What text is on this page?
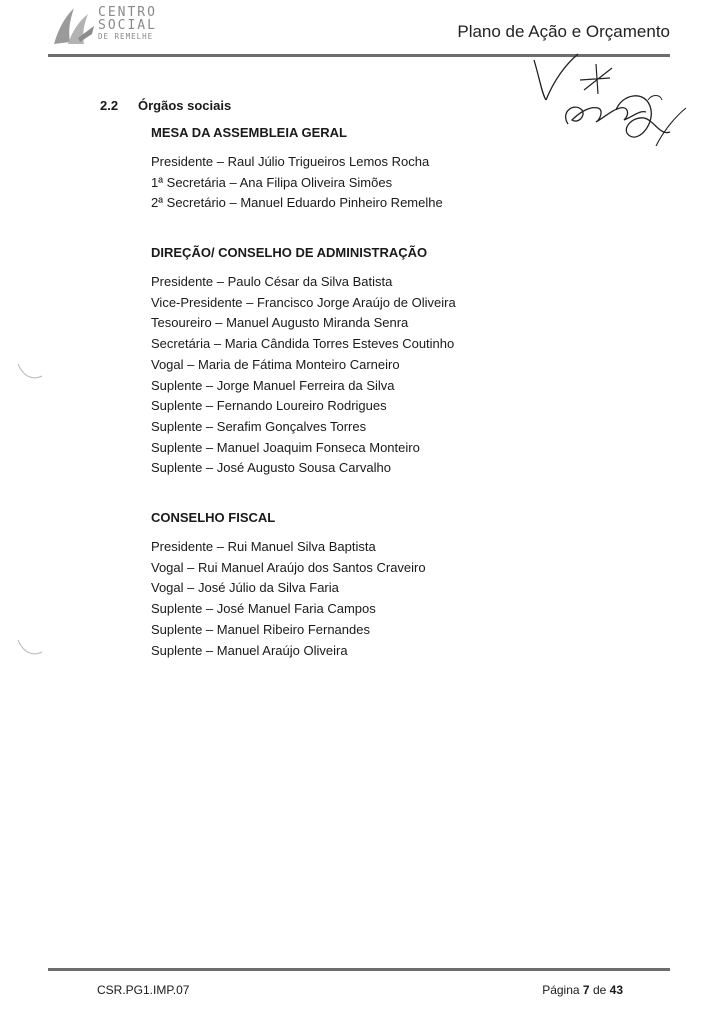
CENTRO
SOCIAL
DE REMELHE	Plano de Ação e Orçamento
2.2 Órgãos sociais
MESA DA ASSEMBLEIA GERAL
Presidente – Raul Júlio Trigueiros Lemos Rocha
1ª Secretária – Ana Filipa Oliveira Simões
2ª Secretário – Manuel Eduardo Pinheiro Remelhe
DIREÇÃO/ CONSELHO DE ADMINISTRAÇÃO
Presidente – Paulo César da Silva Batista
Vice-Presidente – Francisco Jorge Araújo de Oliveira
Tesoureiro – Manuel Augusto Miranda Senra
Secretária – Maria Cândida Torres Esteves Coutinho
Vogal – Maria de Fátima Monteiro Carneiro
Suplente – Jorge Manuel Ferreira da Silva
Suplente – Fernando Loureiro Rodrigues
Suplente – Serafim Gonçalves Torres
Suplente – Manuel Joaquim Fonseca Monteiro
Suplente – José Augusto Sousa Carvalho
CONSELHO FISCAL
Presidente – Rui Manuel Silva Baptista
Vogal – Rui Manuel Araújo dos Santos Craveiro
Vogal – José Júlio da Silva Faria
Suplente – José Manuel Faria Campos
Suplente – Manuel Ribeiro Fernandes
Suplente – Manuel Araújo Oliveira
CSR.PG1.IMP.07	Página 7 de 43
